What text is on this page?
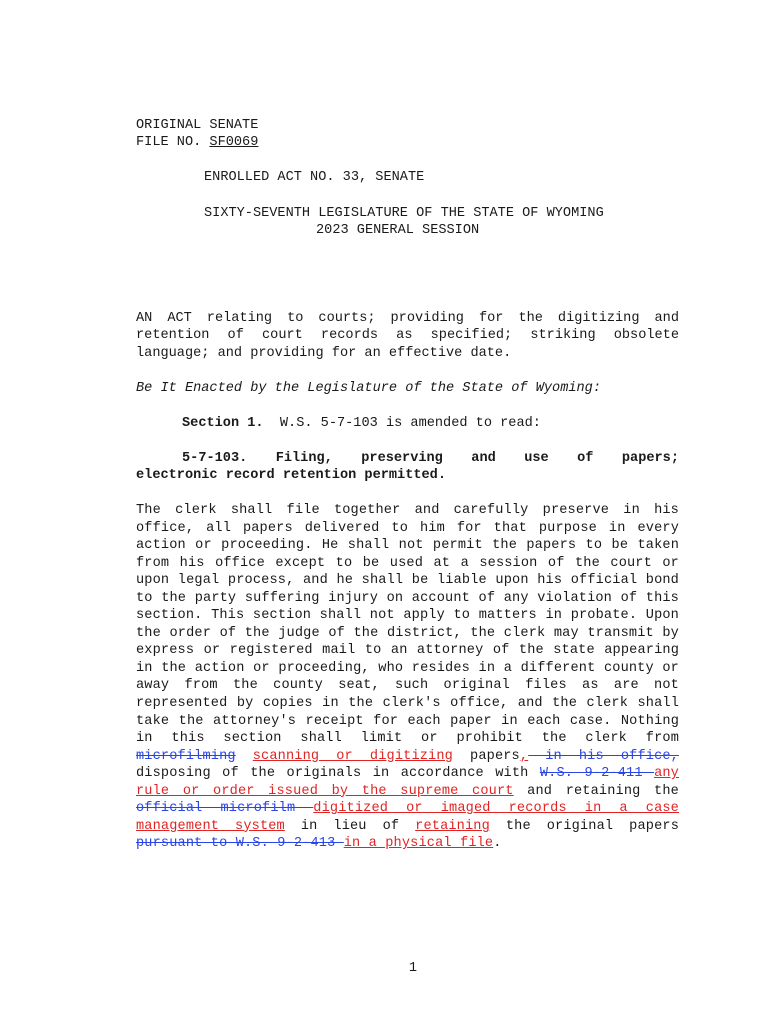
ORIGINAL SENATE
FILE NO. SF0069
ENROLLED ACT NO. 33, SENATE
SIXTY-SEVENTH LEGISLATURE OF THE STATE OF WYOMING
2023 GENERAL SESSION
AN ACT relating to courts; providing for the digitizing and
retention of court records as specified; striking obsolete
language; and providing for an effective date.
Be It Enacted by the Legislature of the State of Wyoming:
Section 1.  W.S. 5-7-103 is amended to read:
5-7-103. Filing, preserving and use of papers;
electronic record retention permitted.
The clerk shall file together and carefully preserve in his office, all papers delivered to him for that purpose in every action or proceeding. He shall not permit the papers to be taken from his office except to be used at a session of the court or upon legal process, and he shall be liable upon his official bond to the party suffering injury on account of any violation of this section. This section shall not apply to matters in probate. Upon the order of the judge of the district, the clerk may transmit by express or registered mail to an attorney of the state appearing in the action or proceeding, who resides in a different county or away from the county seat, such original files as are not represented by copies in the clerk's office, and the clerk shall take the attorney's receipt for each paper in each case. Nothing in this section shall limit or prohibit the clerk from microfilming scanning or digitizing papers, in his office, disposing of the originals in accordance with W.S. 9-2-411 any rule or order issued by the supreme court and retaining the official microfilm digitized or imaged records in a case management system in lieu of retaining the original papers pursuant to W.S. 9-2-413 in a physical file.
1
